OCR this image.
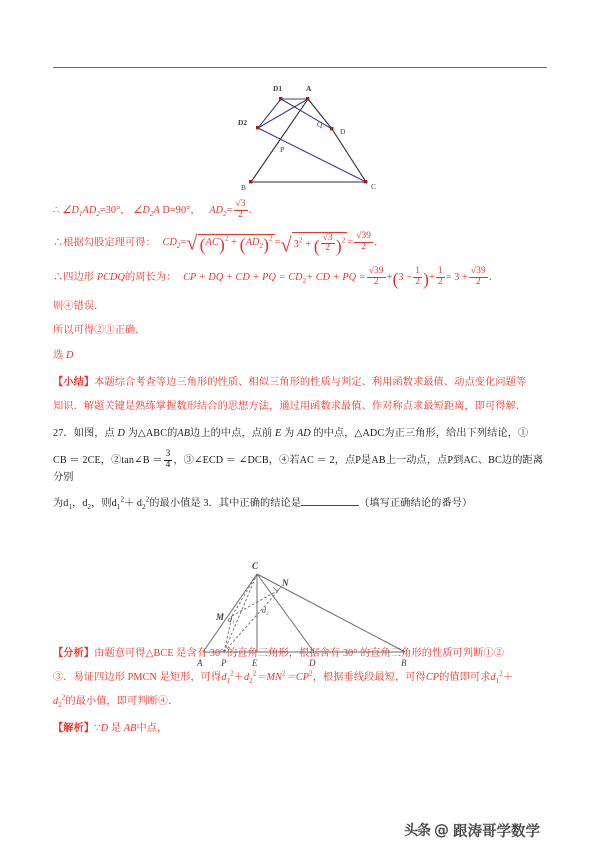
D1	A
D2
D
Q
P
B	C
∴ $\angle D_1AD_2=30^\circ$， $\angle D_2A$ D=90°， $AD_2= \frac{√3}{2}$ ．
∴根据勾股定理可得： $CD_2=√$ $(AC)^2 + (AD_2)^2$ =√ $3^2$ + ( $\frac{√3}{2} )^2 = \frac{√39}{2}$ ．
∴四边形 PCDQ的周长为： CP + DQ + CD + PQ = $CD_2+$ CD + PQ = $\frac{√39}{2} +(3 - \frac{1}{2}$ )+ $\frac{1}{2} = 3 + \frac{√39}{2}$ ．
则④错误．
所以可得②③正确．
选 D
【小结】本题综合考查等边三角形的性质、相似三角形的性质与判定、利用函数求最值、动点变化问题等
知识．解题关键是熟练掌握数形结合的思想方法，通过用函数求最值、作对称点求最短距离，即可得解．
27．如图，点 D 为△ABC的AB边上的中点，点前 E 为 AD 的中点，△ADC为正三角形，给出下列结论，①
CB ＝ 2CE，②tan∠B ＝ $\frac{3}{4}$ ，③∠ECD ＝ ∠DCB，④若AC ＝ 2，点P是AB上一动点，点P到AC、BC边的距离分别
为$d_1$，$d_2$，则$d_1^2+ d_2^2$的最小值是 3．其中正确的结论是	（填写正确结论的番号）
【分析】由题意可得△BCE 是含有 30° 的直角三角形，根据含有 30° 的直角三角形的性质可判断①②
③．易证四边形 PMCN 是矩形，可得$d_1^2+d_2^2=MN^2=CP^2$，根据垂线段最短，可得CP的值即可求$d_1^2+$
$d_2^2$的最小值，即可判断④．
【解析】∵D 是 AB中点，
C
N
M d₁
d₂
A P	E	D	B
头条 @ 跟涛哥学数学
